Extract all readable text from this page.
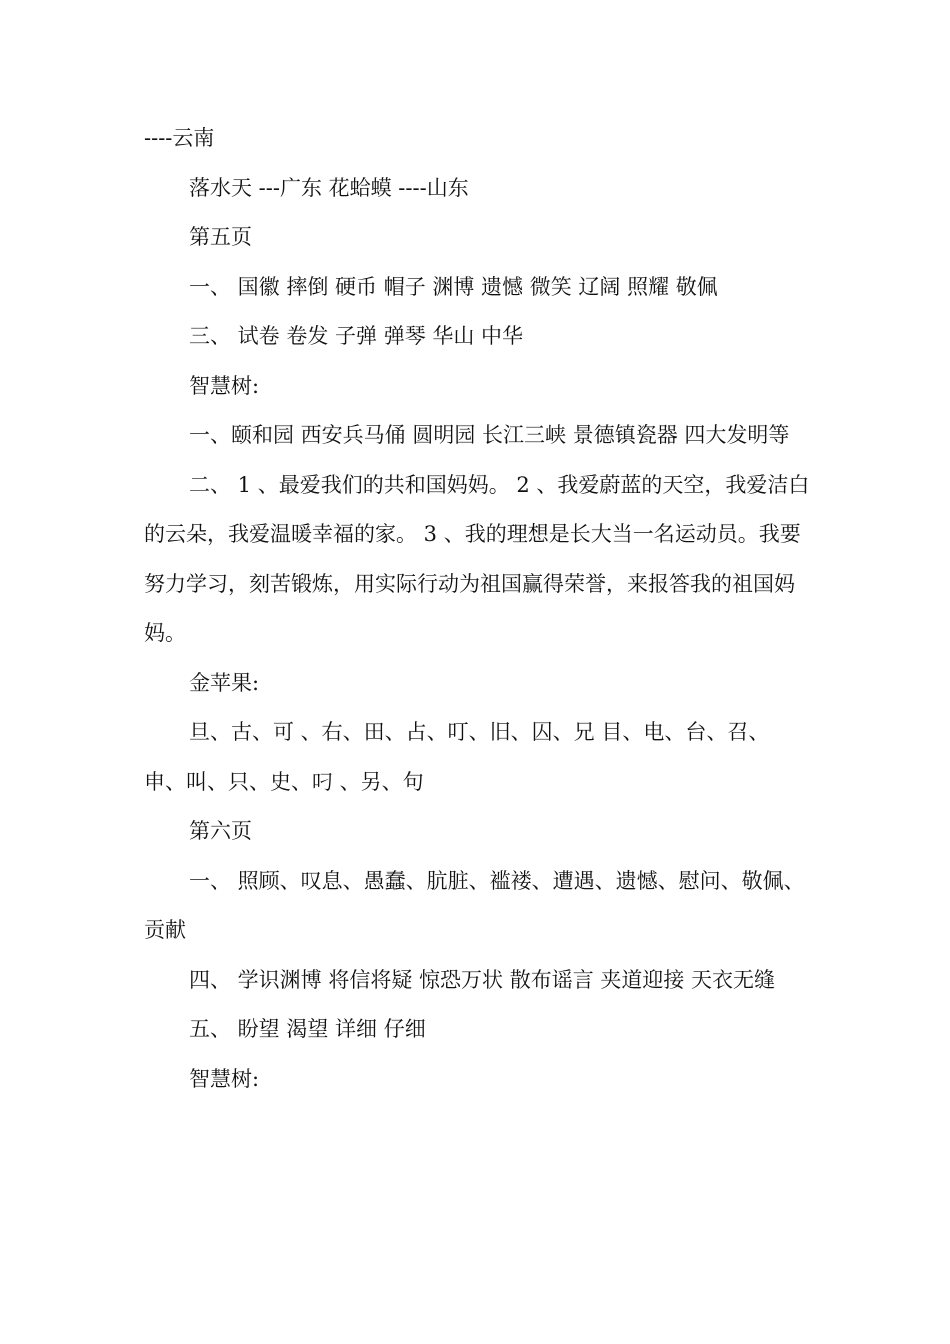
----云南

落水天 ---广东 花蛤蟆 ----山东

第五页

一、 国徽 摔倒 硬币 帽子 渊博 遗憾 微笑 辽阔 照耀 敬佩

三、 试卷 卷发 子弹 弹琴 华山 中华

智慧树:

一、颐和园 西安兵马俑 圆明园 长江三峡 景德镇瓷器 四大发明等

二、 1 、最爱我们的共和国妈妈。 2 、我爱蔚蓝的天空，我爱洁白的云朵，我爱温暖幸福的家。 3 、我的理想是长大当一名运动员。我要努力学习，刻苦锻炼，用实际行动为祖国赢得荣誉，来报答我的祖国妈妈。

金苹果:

旦、古、可 、右、田、占、叮、旧、囚、兄 目、电、台、召、申、叫、只、史、叼 、另、句

第六页

一、 照顾、叹息、愚蠢、肮脏、褴褛、遭遇、遗憾、慰问、敬佩、贡献

四、 学识渊博 将信将疑 惊恐万状 散布谣言 夹道迎接 天衣无缝

五、 盼望 渴望 详细 仔细

智慧树:
